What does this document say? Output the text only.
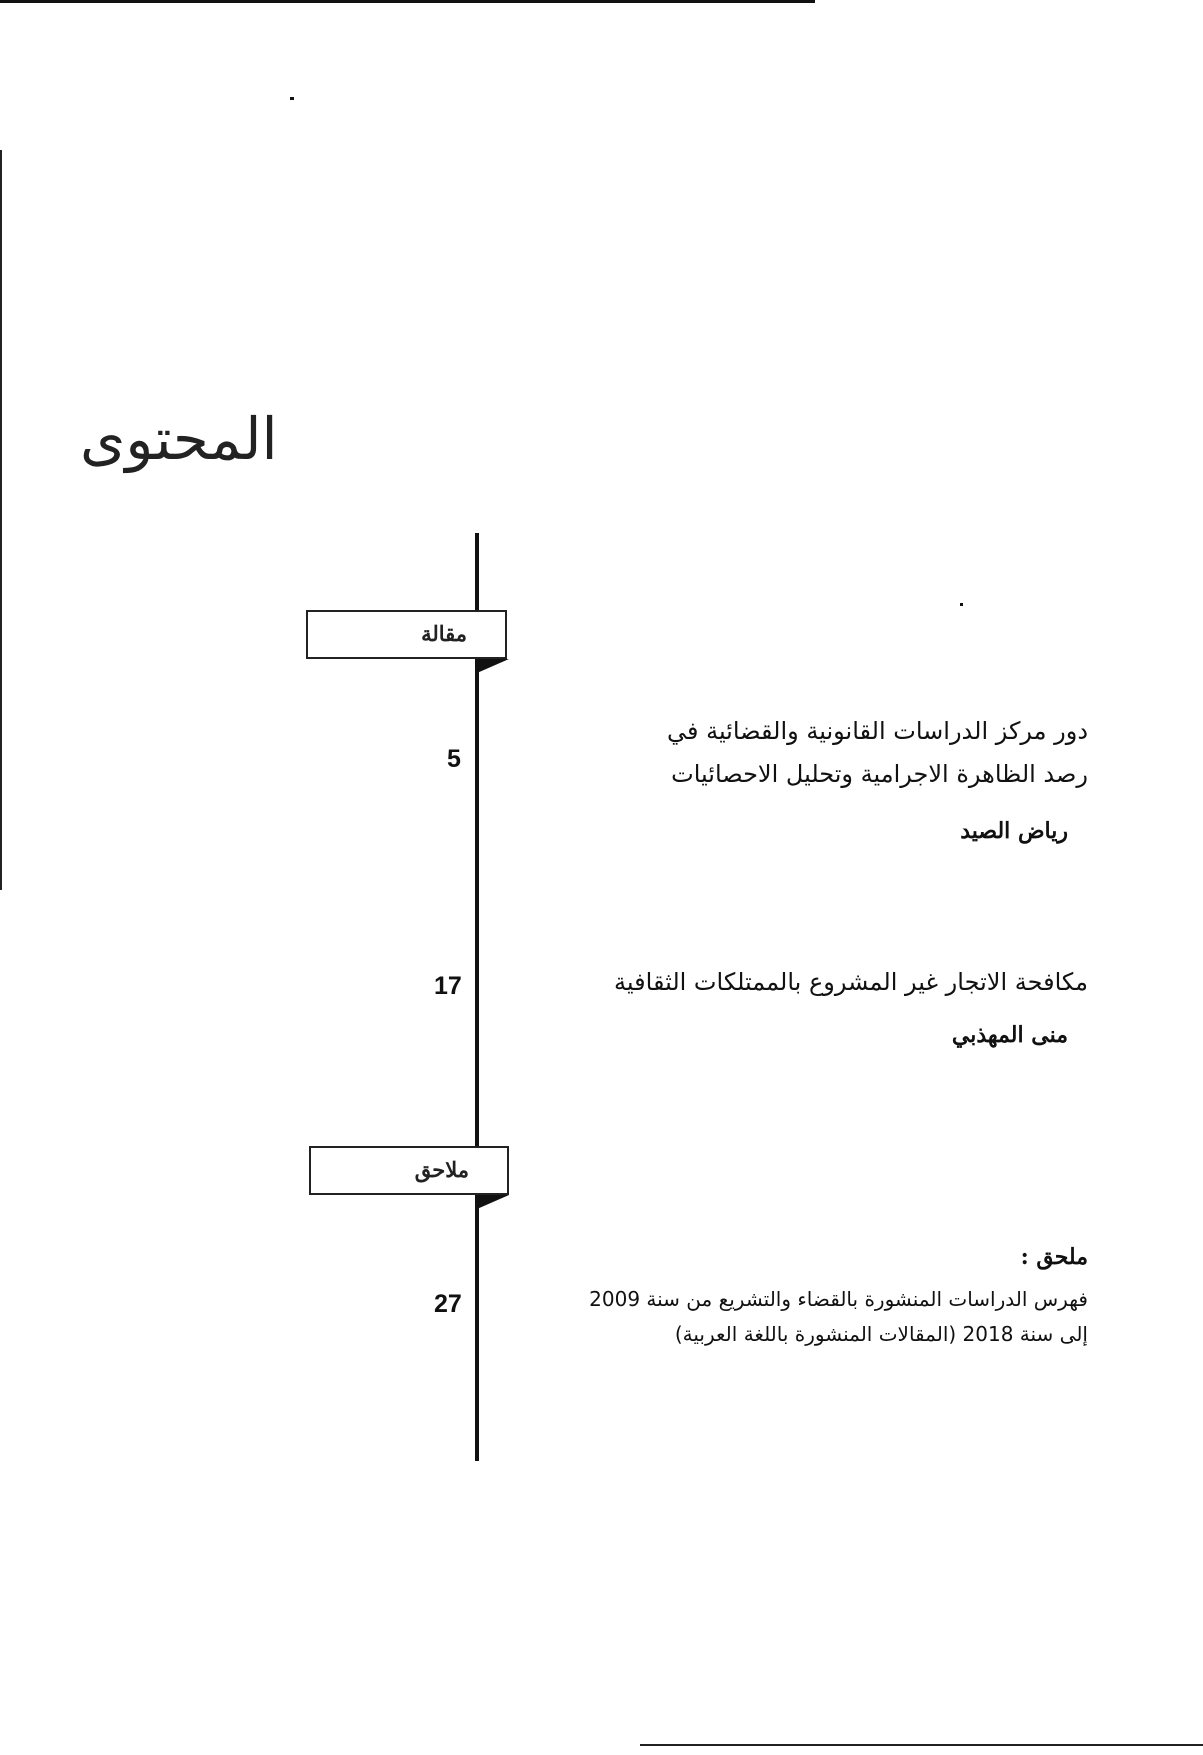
المحتوى
مقالة
5
دور مركز الدراسات القانونية والقضائية في
رصد الظاهرة الاجرامية وتحليل الاحصائيات
رياض الصيد
17	مكافحة الاتجار غير المشروع بالممتلكات الثقافية
منى المهذبي
ملاحق
ملحق :
27	فهرس الدراسات المنشورة بالقضاء والتشريع من سنة 2009
إلى سنة 2018 (المقالات المنشورة باللغة العربية)
